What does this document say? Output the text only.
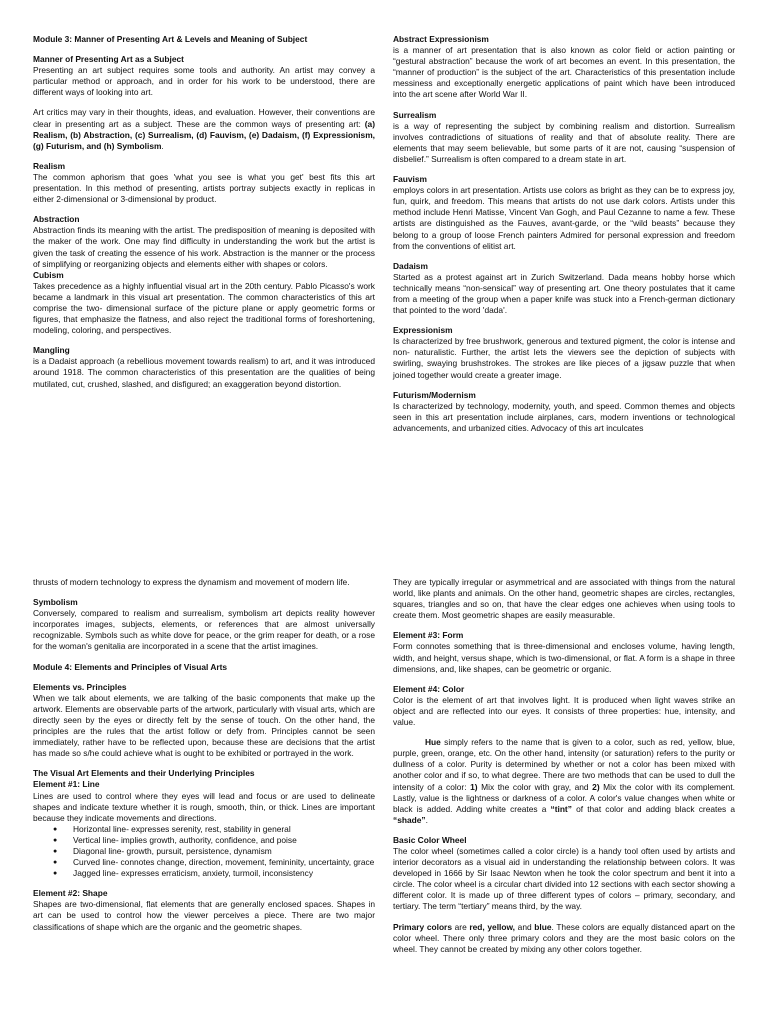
Module 3: Manner of Presenting Art & Levels and Meaning of Subject

Manner of Presenting Art as a Subject

Presenting an art subject requires some tools and authority. An artist may convey a particular method or approach, and in order for his work to be understood, there are different ways of looking into art.

Art critics may vary in their thoughts, ideas, and evaluation. However, their conventions are clear in presenting art as a subject. These are the common ways of presenting art: (a) Realism, (b) Abstraction, (c) Surrealism, (d) Fauvism, (e) Dadaism, (f) Expressionism, (g) Futurism, and (h) Symbolism.

Realism

The common aphorism that goes 'what you see is what you get' best fits this art presentation. In this method of presenting, artists portray subjects exactly in replicas in either 2-dimensional or 3-dimensional by product.

Abstraction

Abstraction finds its meaning with the artist. The predisposition of meaning is deposited with the maker of the work. One may find difficulty in understanding the work but the artist is given the task of creating the essence of his work. Abstraction is the manner or the process of simplifying or reorganizing objects and elements either with shapes or colors.

Cubism

Takes precedence as a highly influential visual art in the 20th century. Pablo Picasso's work became a landmark in this visual art presentation. The common characteristics of this art comprise the two- dimensional surface of the picture plane or apply geometric forms or figures, that emphasize the flatness, and also reject the traditional forms of foreshortening, modeling, coloring, and perspectives.

Mangling

is a Dadaist approach (a rebellious movement towards realism) to art, and it was introduced around 1918. The common characteristics of this presentation are the qualities of being mutilated, cut, crushed, slashed, and disfigured; an exaggeration beyond distortion.

Abstract Expressionism

is a manner of art presentation that is also known as color field or action painting or “gestural abstraction” because the work of art becomes an event. In this presentation, the “manner of production” is the subject of the art. Characteristics of this presentation include messiness and exceptionally energetic applications of paint which have been introduced into the art scene after World War II.

Surrealism

is a way of representing the subject by combining realism and distortion. Surrealism involves contradictions of situations of reality and that of absolute reality. There are elements that may seem believable, but some parts of it are not, causing “suspension of disbelief.” Surrealism is often compared to a dream state in art.

Fauvism

employs colors in art presentation. Artists use colors as bright as they can be to express joy, fun, quirk, and freedom. This means that artists do not use dark colors. Artists under this method include Henri Matisse, Vincent Van Gogh, and Paul Cezanne to name a few. These artists are distinguished as the Fauves, avant-garde, or the “wild beasts” because they belong to a group of loose French painters Admired for personal expression and freedom from the conventions of elitist art.

Dadaism

Started as a protest against art in Zurich Switzerland. Dada means hobby horse which technically means “non-sensical” way of presenting art. One theory postulates that it came from a meeting of the group when a paper knife was stuck into a French-german dictionary that pointed to the word 'dada'.

Expressionism

Is characterized by free brushwork, generous and textured pigment, the color is intense and non- naturalistic. Further, the artist lets the viewers see the depiction of subjects with swirling, swaying brushstrokes. The strokes are like pieces of a jigsaw puzzle that when joined together would create a greater image.

Futurism/Modernism

Is characterized by technology, modernity, youth, and speed. Common themes and objects seen in this art presentation include airplanes, cars, modern inventions or technological advancements, and urbanized cities. Advocacy of this art inculcates

thrusts of modern technology to express the dynamism and movement of modern life.

Symbolism

Conversely, compared to realism and surrealism, symbolism art depicts reality however incorporates images, subjects, elements, or references that are almost universally recognizable. Symbols such as white dove for peace, or the grim reaper for death, or a rose for the woman's genitalia are incorporated in a scene that the artist imagines.

Module 4: Elements and Principles of Visual Arts

Elements vs. Principles

When we talk about elements, we are talking of the basic components that make up the artwork. Elements are observable parts of the artwork, particularly with visual arts, which are directly seen by the eyes or directly felt by the sense of touch. On the other hand, the principles are the rules that the artist follow or defy from. Principles cannot be seen immediately, rather have to be reflected upon, because these are decisions that the artist has made so s/he could achieve what is ought to be exhibited or portrayed in the work.

The Visual Art Elements and their Underlying Principles

Element #1: Line

Lines are used to control where they eyes will lead and focus or are used to delineate shapes and indicate texture whether it is rough, smooth, thin, or thick. Lines are important because they indicate movements and directions.

● Horizontal line- expresses serenity, rest, stability in general
● Vertical line- implies growth, authority, confidence, and poise
● Diagonal line- growth, pursuit, persistence, dynamism
● Curved line- connotes change, direction, movement, femininity, uncertainty, grace
● Jagged line- expresses erraticism, anxiety, turmoil, inconsistency

Element #2: Shape

Shapes are two-dimensional, flat elements that are generally enclosed spaces. Shapes in art can be used to control how the viewer perceives a piece. There are two major classifications of shape which are the organic and the geometric shapes.

They are typically irregular or asymmetrical and are associated with things from the natural world, like plants and animals. On the other hand, geometric shapes are circles, rectangles, squares, triangles and so on, that have the clear edges one achieves when using tools to create them. Most geometric shapes are easily measurable.

Element #3: Form

Form connotes something that is three-dimensional and encloses volume, having length, width, and height, versus shape, which is two-dimensional, or flat. A form is a shape in three dimensions, and, like shapes, can be geometric or organic.

Element #4: Color

Color is the element of art that involves light. It is produced when light waves strike an object and are reflected into our eyes. It consists of three properties: hue, intensity, and value.

Hue simply refers to the name that is given to a color, such as red, yellow, blue, purple, green, orange, etc. On the other hand, intensity (or saturation) refers to the purity or dullness of a color. Purity is determined by whether or not a color has been mixed with another color and if so, to what degree. There are two methods that can be used to dull the intensity of a color: 1) Mix the color with gray, and 2) Mix the color with its complement. Lastly, value is the lightness or darkness of a color. A color's value changes when white or black is added. Adding white creates a “tint” of that color and adding black creates a “shade”.

Basic Color Wheel

The color wheel (sometimes called a color circle) is a handy tool often used by artists and interior decorators as a visual aid in understanding the relationship between colors. It was developed in 1666 by Sir Isaac Newton when he took the color spectrum and bent it into a circle. The color wheel is a circular chart divided into 12 sections with each sector showing a different color. It is made up of three different types of colors – primary, secondary, and tertiary. The term “tertiary” means third, by the way.

Primary colors are red, yellow, and blue. These colors are equally distanced apart on the color wheel. There only three primary colors and they are the most basic colors on the wheel. They cannot be created by mixing any other colors together.
